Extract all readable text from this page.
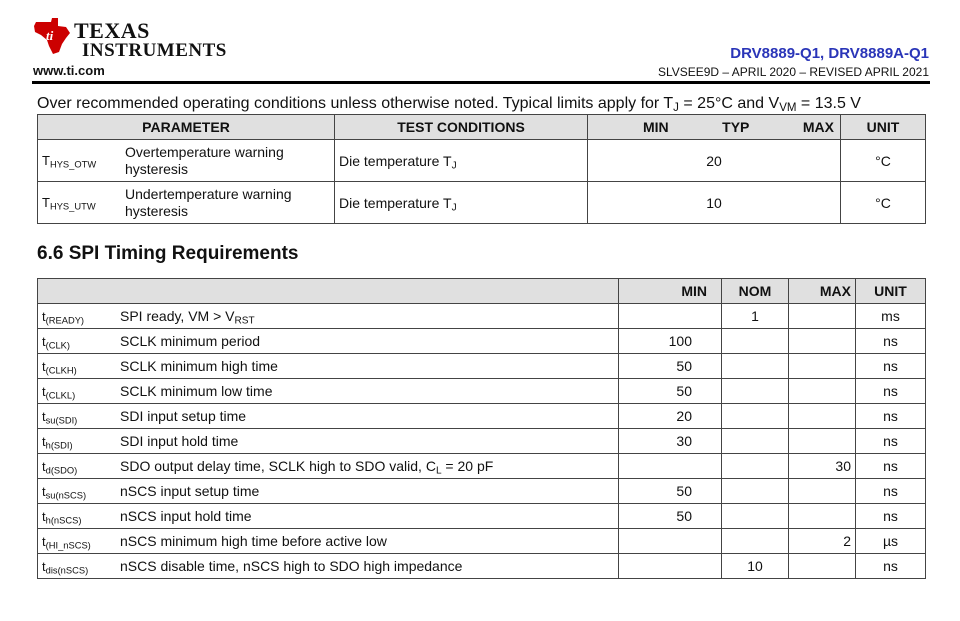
ti TEXAS
INSTRUMENTS
www.ti.com
DRV8889-Q1, DRV8889A-Q1
SLVSEE9D – APRIL 2020 – REVISED APRIL 2021
Over recommended operating conditions unless otherwise noted. Typical limits apply for $T_J = 25^\circ C$ and $V_{VM} = 13.5$ V
PARAMETER		TEST CONDITIONS	MIN TYP MAX	UNIT
$T_{HYS\_OTW}$	Overtemperature warning hysteresis	Die temperature $T_J$	20	°C
$T_{HYS\_UTW}$	Undertemperature warning hysteresis	Die temperature $T_J$	10	°C
6.6 SPI Timing Requirements
		MIN	NOM	MAX	UNIT
$t_{(READY)}$	SPI ready, VM > $V_{RST}$		1		ms
$t_{(CLK)}$	SCLK minimum period	100			ns
$t_{(CLKH)}$	SCLK minimum high time	50			ns
$t_{(CLKL)}$	SCLK minimum low time	50			ns
$t_{su(SDI)}$	SDI input setup time	20			ns
$t_{h(SDI)}$	SDI input hold time	30			ns
$t_{d(SDO)}$	SDO output delay time, SCLK high to SDO valid, $C_L = 20$ pF			30	ns
$t_{su(nSCS)}$	nSCS input setup time	50			ns
$t_{h(nSCS)}$	nSCS input hold time	50			ns
$t_{(HI\_nSCS)}$	nSCS minimum high time before active low			2	µs
$t_{dis(nSCS)}$	nSCS disable time, nSCS high to SDO high impedance		10		ns
